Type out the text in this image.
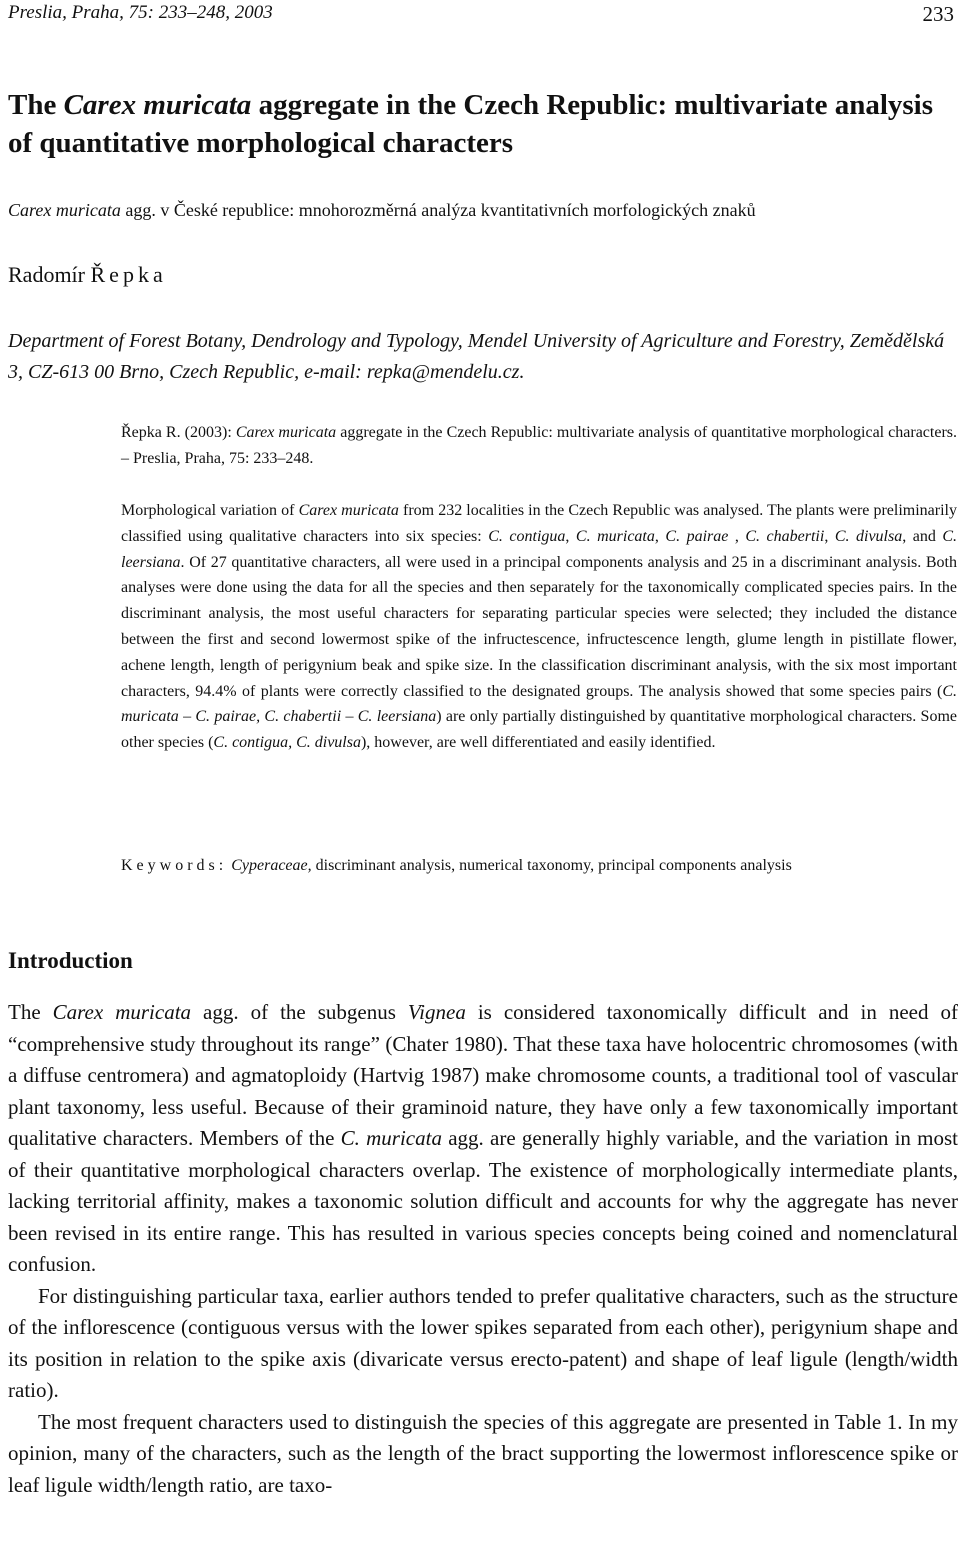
Preslia, Praha, 75: 233–248, 2003	233
The Carex muricata aggregate in the Czech Republic: multivariate analysis of quantitative morphological characters
Carex muricata agg. v České republice: mnohorozměrná analýza kvantitativních morfologických znaků
Radomír Řepka
Department of Forest Botany, Dendrology and Typology, Mendel University of Agriculture and Forestry, Zemědělská 3, CZ-613 00 Brno, Czech Republic, e-mail: repka@mendelu.cz.
Řepka R. (2003): Carex muricata aggregate in the Czech Republic: multivariate analysis of quantitative morphological characters. – Preslia, Praha, 75: 233–248.
Morphological variation of Carex muricata from 232 localities in the Czech Republic was analysed. The plants were preliminarily classified using qualitative characters into six species: C. contigua, C. muricata, C. pairae , C. chabertii, C. divulsa, and C. leersiana. Of 27 quantitative characters, all were used in a principal components analysis and 25 in a discriminant analysis. Both analyses were done using the data for all the species and then separately for the taxonomically complicated species pairs. In the discriminant analysis, the most useful characters for separating particular species were selected; they included the distance between the first and second lowermost spike of the infructescence, infructescence length, glume length in pistillate flower, achene length, length of perigynium beak and spike size. In the classification discriminant analysis, with the six most important characters, 94.4% of plants were correctly classified to the designated groups. The analysis showed that some species pairs (C. muricata – C. pairae, C. chabertii – C. leersiana) are only partially distinguished by quantitative morphological characters. Some other species (C. contigua, C. divulsa), however, are well differentiated and easily identified.
Keywords: Cyperaceae, discriminant analysis, numerical taxonomy, principal components analysis
Introduction

The Carex muricata agg. of the subgenus Vignea is considered taxonomically difficult and in need of “comprehensive study throughout its range” (Chater 1980). That these taxa have holocentric chromosomes (with a diffuse centromera) and agmatoploidy (Hartvig 1987) make chromosome counts, a traditional tool of vascular plant taxonomy, less useful. Because of their graminoid nature, they have only a few taxonomically important qualitative characters. Members of the C. muricata agg. are generally highly variable, and the variation in most of their quantitative morphological characters overlap. The existence of morphologically intermediate plants, lacking territorial affinity, makes a taxonomic solution difficult and accounts for why the aggregate has never been revised in its entire range. This has resulted in various species concepts being coined and nomenclatural confusion.

For distinguishing particular taxa, earlier authors tended to prefer qualitative characters, such as the structure of the inflorescence (contiguous versus with the lower spikes separated from each other), perigynium shape and its position in relation to the spike axis (divaricate versus erecto-patent) and shape of leaf ligule (length/width ratio).

The most frequent characters used to distinguish the species of this aggregate are presented in Table 1. In my opinion, many of the characters, such as the length of the bract supporting the lowermost inflorescence spike or leaf ligule width/length ratio, are taxo-
